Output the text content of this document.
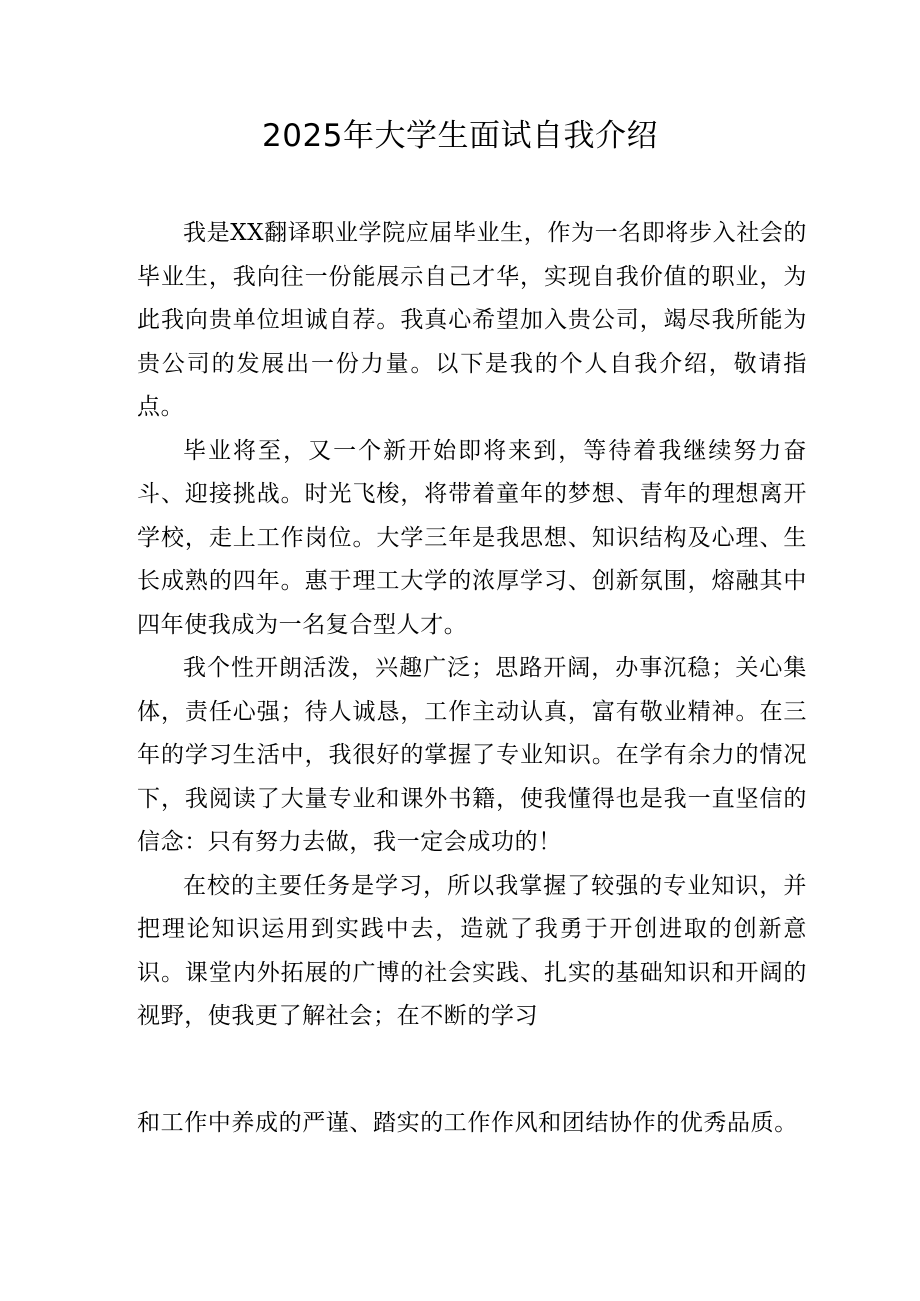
2025年大学生面试自我介绍

我是XX翻译职业学院应届毕业生，作为一名即将步入社会的毕业生，我向往一份能展示自己才华，实现自我价值的职业，为此我向贵单位坦诚自荐。我真心希望加入贵公司，竭尽我所能为贵公司的发展出一份力量。以下是我的个人自我介绍，敬请指点。

毕业将至，又一个新开始即将来到，等待着我继续努力奋斗、迎接挑战。时光飞梭，将带着童年的梦想、青年的理想离开学校，走上工作岗位。大学三年是我思想、知识结构及心理、生长成熟的四年。惠于理工大学的浓厚学习、创新氛围，熔融其中四年使我成为一名复合型人才。

我个性开朗活泼，兴趣广泛；思路开阔，办事沉稳；关心集体，责任心强；待人诚恳，工作主动认真，富有敬业精神。在三年的学习生活中，我很好的掌握了专业知识。在学有余力的情况下，我阅读了大量专业和课外书籍，使我懂得也是我一直坚信的信念：只有努力去做，我一定会成功的！

在校的主要任务是学习，所以我掌握了较强的专业知识，并把理论知识运用到实践中去，造就了我勇于开创进取的创新意识。课堂内外拓展的广博的社会实践、扎实的基础知识和开阔的视野，使我更了解社会；在不断的学习

和工作中养成的严谨、踏实的工作作风和团结协作的优秀品质。
